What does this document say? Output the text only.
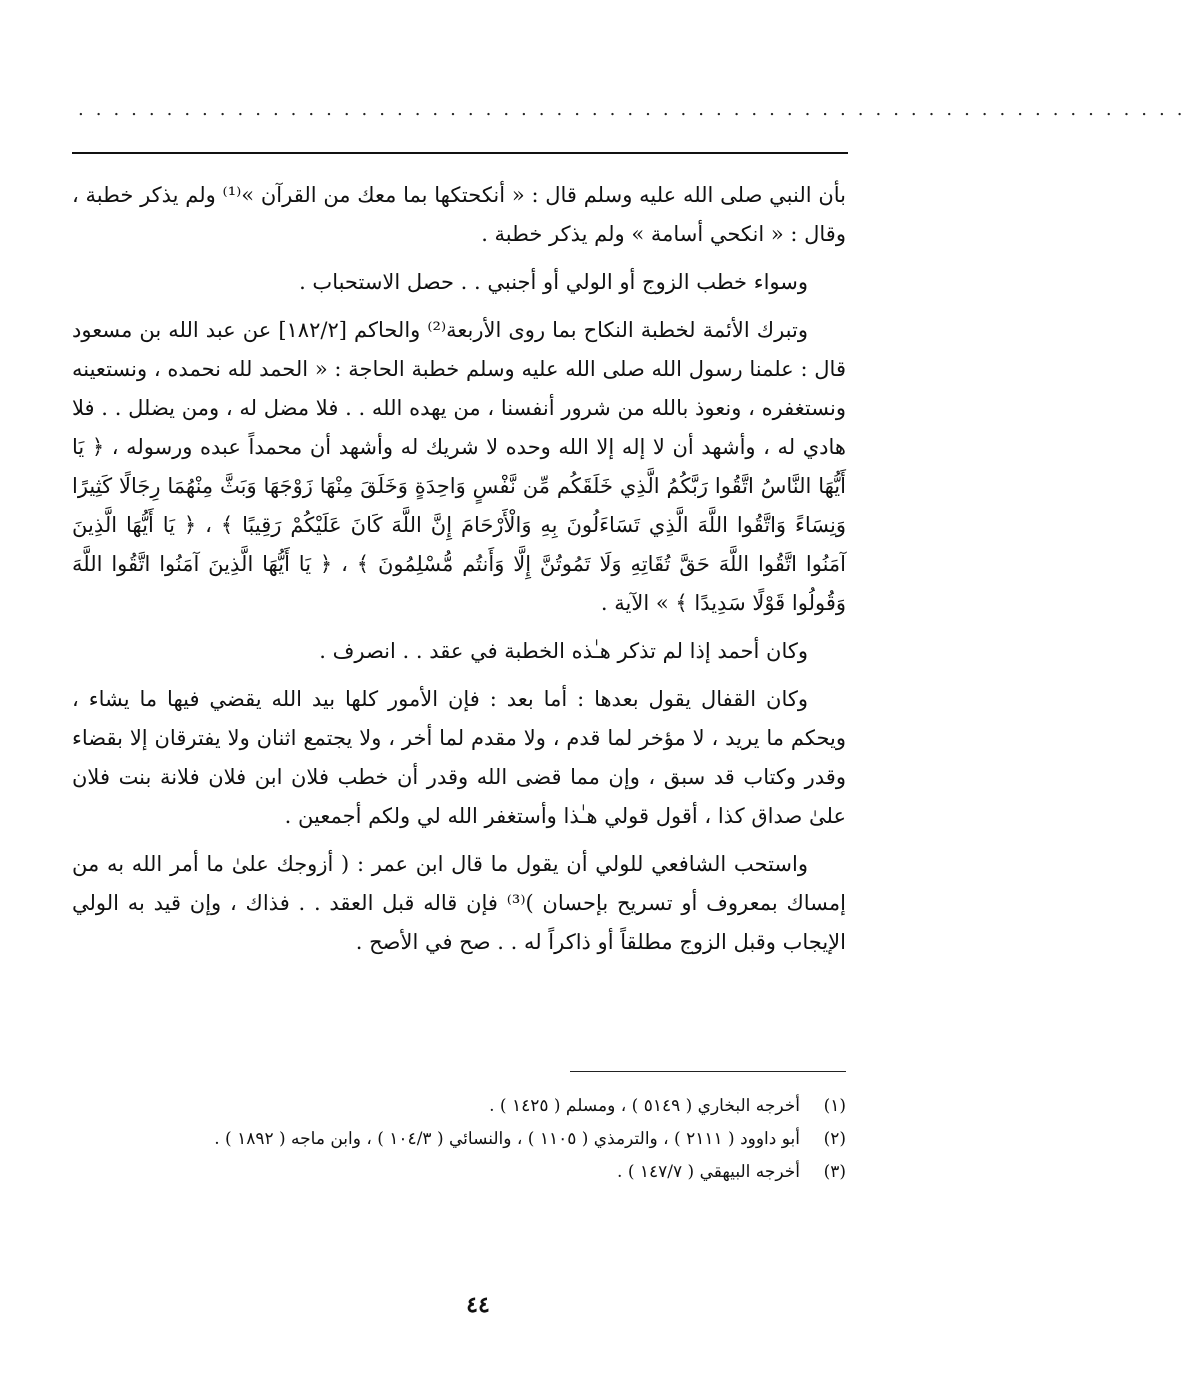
...............................................................

بأن النبي صلى الله عليه وسلم قال : « أنكحتكها بما معك من القرآن »⁽¹⁾ ولم يذكر خطبة ، وقال : « انكحي أسامة » ولم يذكر خطبة .

وسواء خطب الزوج أو الولي أو أجنبي . . حصل الاستحباب .

وتبرك الأئمة لخطبة النكاح بما روى الأربعة⁽²⁾ والحاكم [١٨٢/٢] عن عبد الله بن مسعود قال : علمنا رسول الله صلى الله عليه وسلم خطبة الحاجة : « الحمد لله نحمده ، ونستعينه ونستغفره ، ونعوذ بالله من شرور أنفسنا ، من يهده الله . . فلا مضل له ، ومن يضلل . . فلا هادي له ، وأشهد أن لا إله إلا الله وحده لا شريك له وأشهد أن محمداً عبده ورسوله ، ﴿ يَا أَيُّهَا النَّاسُ اتَّقُوا رَبَّكُمُ الَّذِي خَلَقَكُم مِّن نَّفْسٍ وَاحِدَةٍ وَخَلَقَ مِنْهَا زَوْجَهَا وَبَثَّ مِنْهُمَا رِجَالًا كَثِيرًا وَنِسَاءً وَاتَّقُوا اللَّهَ الَّذِي تَسَاءَلُونَ بِهِ وَالْأَرْحَامَ إِنَّ اللَّهَ كَانَ عَلَيْكُمْ رَقِيبًا ﴾ ، ﴿ يَا أَيُّهَا الَّذِينَ آمَنُوا اتَّقُوا اللَّهَ حَقَّ تُقَاتِهِ وَلَا تَمُوتُنَّ إِلَّا وَأَنتُم مُّسْلِمُونَ ﴾ ، ﴿ يَا أَيُّهَا الَّذِينَ آمَنُوا اتَّقُوا اللَّهَ وَقُولُوا قَوْلًا سَدِيدًا ﴾ » الآية .

وكان أحمد إذا لم تذكر هـٰذه الخطبة في عقد . . انصرف .

وكان القفال يقول بعدها : أما بعد : فإن الأمور كلها بيد الله يقضي فيها ما يشاء ، ويحكم ما يريد ، لا مؤخر لما قدم ، ولا مقدم لما أخر ، ولا يجتمع اثنان ولا يفترقان إلا بقضاء وقدر وكتاب قد سبق ، وإن مما قضى الله وقدر أن خطب فلان ابن فلان فلانة بنت فلان علىٰ صداق كذا ، أقول قولي هـٰذا وأستغفر الله لي ولكم أجمعين .

واستحب الشافعي للولي أن يقول ما قال ابن عمر : ( أزوجك علىٰ ما أمر الله به من إمساك بمعروف أو تسريح بإحسان )⁽³⁾ فإن قاله قبل العقد . . فذاك ، وإن قيد به الولي الإيجاب وقبل الزوج مطلقاً أو ذاكراً له . . صح في الأصح .

(١)
أخرجه البخاري ( ٥١٤٩ ) ، ومسلم ( ١٤٢٥ ) .
(٢)
أبو داوود ( ٢١١١ ) ، والترمذي ( ١١٠٥ ) ، والنسائي ( ١٠٤/٣ ) ، وابن ماجه ( ١٨٩٢ ) .
(٣)
أخرجه البيهقي ( ١٤٧/٧ ) .
٤٤
